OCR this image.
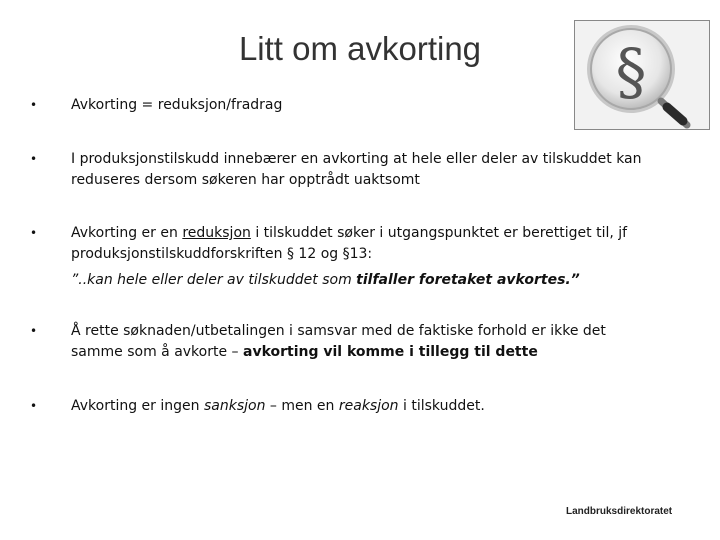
Litt om avkorting	§
• Avkorting = reduksjon/fradrag
• I produksjonstilskudd innebærer en avkorting at hele eller deler av tilskuddet kan reduseres dersom søkeren har opptrådt uaktsomt
• Avkorting er en reduksjon i tilskuddet søker i utgangspunktet er berettiget til, jf produksjonstilskuddforskriften § 12 og §13:
”..kan hele eller deler av tilskuddet som tilfaller foretaket avkortes.”
• Å rette søknaden/utbetalingen i samsvar med de faktiske forhold er ikke det samme som å avkorte – avkorting vil komme i tillegg til dette
• Avkorting er ingen sanksjon – men en reaksjon i tilskuddet.
Landbruksdirektoratet
